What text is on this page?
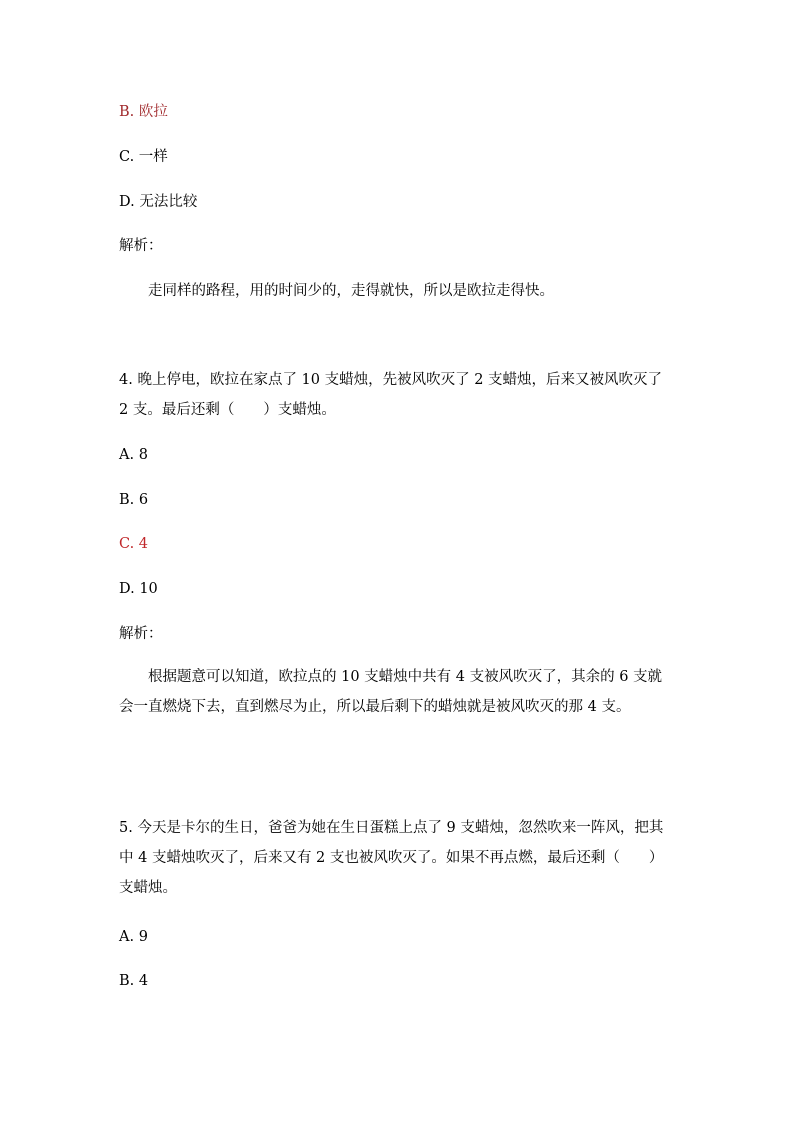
B. 欧拉
C. 一样
D. 无法比较
解析：
走同样的路程，用的时间少的，走得就快，所以是欧拉走得快。
4. 晚上停电，欧拉在家点了 10 支蜡烛，先被风吹灭了 2 支蜡烛，后来又被风吹灭了 2 支。最后还剩（　　）支蜡烛。
A. 8
B. 6
C. 4
D. 10
解析：
根据题意可以知道，欧拉点的 10 支蜡烛中共有 4 支被风吹灭了，其余的 6 支就会一直燃烧下去，直到燃尽为止，所以最后剩下的蜡烛就是被风吹灭的那 4 支。
5. 今天是卡尔的生日，爸爸为她在生日蛋糕上点了 9 支蜡烛，忽然吹来一阵风，把其中 4 支蜡烛吹灭了，后来又有 2 支也被风吹灭了。如果不再点燃，最后还剩（　　）支蜡烛。
A. 9
B. 4
